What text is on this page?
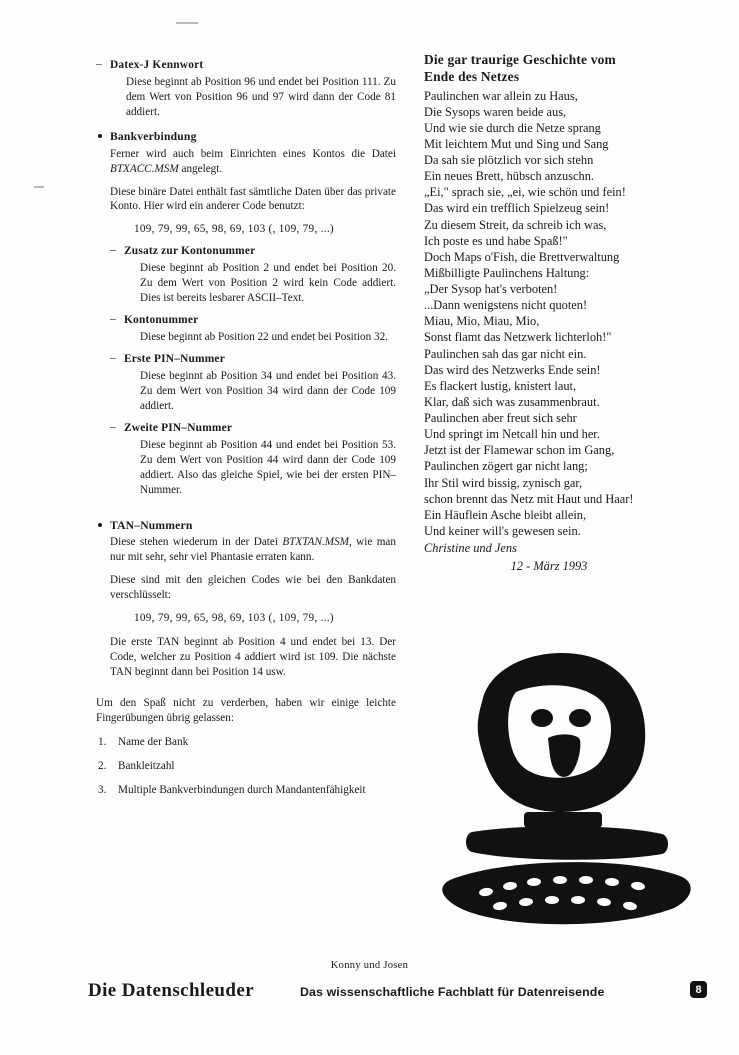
– Datex-J Kennwort
Diese beginnt ab Position 96 und endet bei Position 111. Zu dem Wert von Position 96 und 97 wird dann der Code 81 addiert.
Bankverbindung
Ferner wird auch beim Einrichten eines Kontos die Datei BTXACC.MSM angelegt.
Diese binäre Datei enthält fast sämtliche Daten über das private Konto. Hier wird ein anderer Code benutzt:
109, 79, 99, 65, 98, 69, 103 (, 109, 79, ...)
– Zusatz zur Kontonummer
Diese beginnt ab Position 2 und endet bei Position 20. Zu dem Wert von Position 2 wird kein Code addiert. Dies ist bereits lesbarer ASCII–Text.
– Kontonummer
Diese beginnt ab Position 22 und endet bei Position 32.
– Erste PIN–Nummer
Diese beginnt ab Position 34 und endet bei Position 43. Zu dem Wert von Position 34 wird dann der Code 109 addiert.
– Zweite PIN–Nummer
Diese beginnt ab Position 44 und endet bei Position 53. Zu dem Wert von Position 44 wird dann der Code 109 addiert. Also das gleiche Spiel, wie bei der ersten PIN–Nummer.
TAN–Nummern
Diese stehen wiederum in der Datei BTXTAN.MSM, wie man nur mit sehr, sehr viel Phantasie erraten kann.
Diese sind mit den gleichen Codes wie bei den Bankdaten verschlüsselt:
109, 79, 99, 65, 98, 69, 103 (, 109, 79, ...)
Die erste TAN beginnt ab Position 4 und endet bei 13. Der Code, welcher zu Position 4 addiert wird ist 109. Die nächste TAN beginnt dann bei Position 14 usw.
Um den Spaß nicht zu verderben, haben wir einige leichte Fingerübungen übrig gelassen:
1. Name der Bank
2. Bankleitzahl
3. Multiple Bankverbindungen durch Mandantenfähigkeit
Die gar traurige Geschichte vom
Ende des Netzes
Paulinchen war allein zu Haus,
Die Sysops waren beide aus,
Und wie sie durch die Netze sprang
Mit leichtem Mut und Sing und Sang
Da sah sie plötzlich vor sich stehn
Ein neues Brett, hübsch anzuschn.
„Ei," sprach sie, „ei, wie schön und fein!
Das wird ein trefflich Spielzeug sein!
Zu diesem Streit, da schreib ich was,
Ich poste es und habe Spaß!"
Doch Maps o'Fish, die Brettverwaltung
Mißbilligte Paulinchens Haltung:
„Der Sysop hat's verboten!
...Dann wenigstens nicht quoten!
Miau, Mio, Miau, Mio,
Sonst flamt das Netzwerk lichterloh!"
Paulinchen sah das gar nicht ein.
Das wird des Netzwerks Ende sein!
Es flackert lustig, knistert laut,
Klar, daß sich was zusammenbraut.
Paulinchen aber freut sich sehr
Und springt im Netcall hin und her.
Jetzt ist der Flamewar schon im Gang,
Paulinchen zögert gar nicht lang;
Ihr Stil wird bissig, zynisch gar,
schon brennt das Netz mit Haut und Haar!
Ein Häuflein Asche bleibt allein,
Und keiner will's gewesen sein.
Christine und Jens
12 - März 1993
Konny und Josen
Die Datenschleuder	Das wissenschaftliche Fachblatt für Datenreisende	8
